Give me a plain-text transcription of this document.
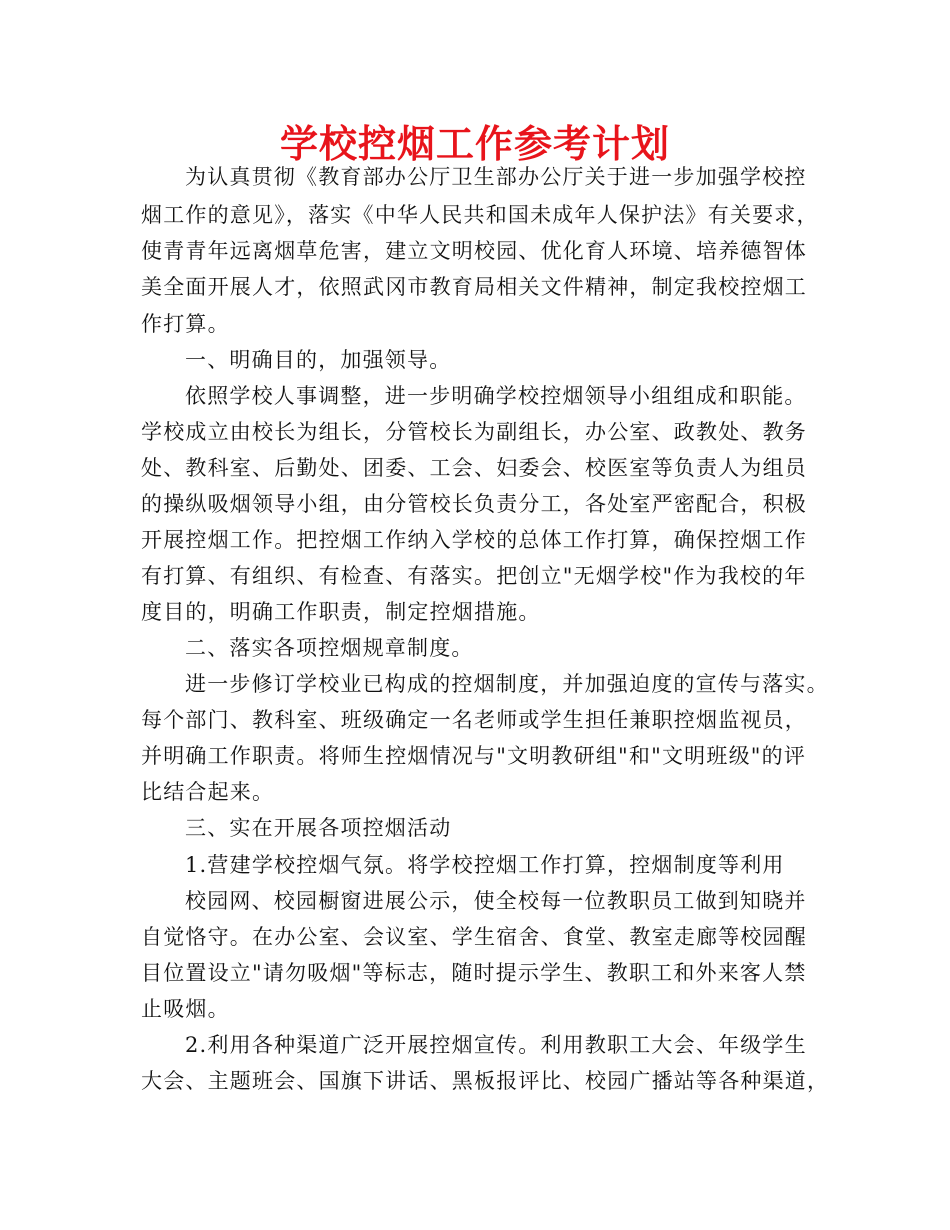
学校控烟工作参考计划
为认真贯彻《教育部办公厅卫生部办公厅关于进一步加强学校控
烟工作的意见》，落实《中华人民共和国未成年人保护法》有关要求，
使青青年远离烟草危害，建立文明校园、优化育人环境、培养德智体
美全面开展人才，依照武冈市教育局相关文件精神，制定我校控烟工
作打算。
一、明确目的，加强领导。
依照学校人事调整，进一步明确学校控烟领导小组组成和职能。
学校成立由校长为组长，分管校长为副组长，办公室、政教处、教务
处、教科室、后勤处、团委、工会、妇委会、校医室等负责人为组员
的操纵吸烟领导小组，由分管校长负责分工，各处室严密配合，积极
开展控烟工作。把控烟工作纳入学校的总体工作打算，确保控烟工作
有打算、有组织、有检查、有落实。把创立"无烟学校"作为我校的年
度目的，明确工作职责，制定控烟措施。
二、落实各项控烟规章制度。
进一步修订学校业已构成的控烟制度，并加强迫度的宣传与落实。
每个部门、教科室、班级确定一名老师或学生担任兼职控烟监视员，
并明确工作职责。将师生控烟情况与"文明教研组"和"文明班级"的评
比结合起来。
三、实在开展各项控烟活动
1.营建学校控烟气氛。将学校控烟工作打算，控烟制度等利用
校园网、校园橱窗进展公示，使全校每一位教职员工做到知晓并
自觉恪守。在办公室、会议室、学生宿舍、食堂、教室走廊等校园醒
目位置设立"请勿吸烟"等标志，随时提示学生、教职工和外来客人禁
止吸烟。
2.利用各种渠道广泛开展控烟宣传。利用教职工大会、年级学生
大会、主题班会、国旗下讲话、黑板报评比、校园广播站等各种渠道，
